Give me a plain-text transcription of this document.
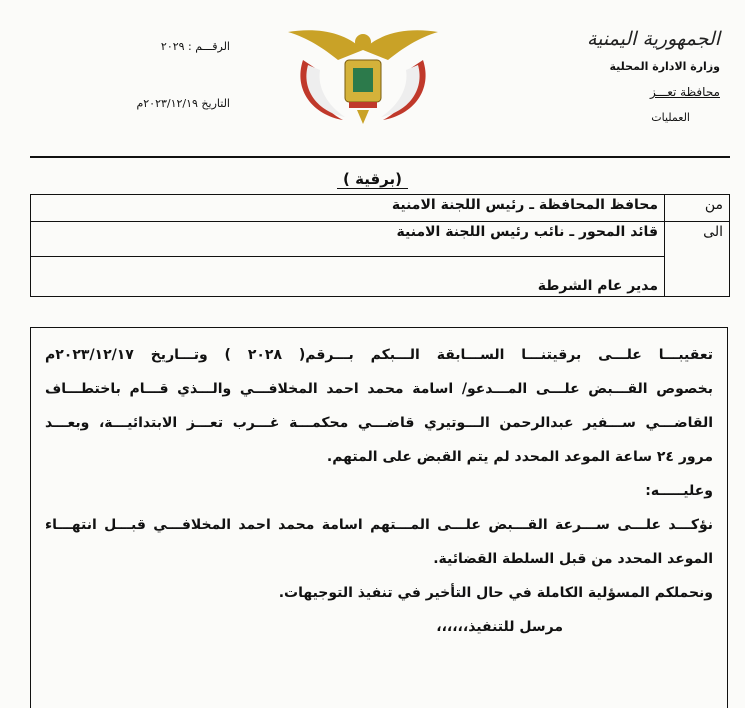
الجمهورية اليمنية
وزارة الادارة المحلية
محافظة تعـــز
العمليات
الرقـــم : ٢٠٢٩
التاريخ ٢٠٢٣/١٢/١٩م
(برقية )
من	محافظ المحافظة ـ رئيس اللجنة الامنية
الى	قائد المحور ـ نائب رئيس اللجنة الامنية
	مدير عام الشرطة

تعقيبـــا علـــى برقيتنـــا الســـابقة الـــبكم بـــرقم( ٢٠٢٨ ) وتـــاريخ ٢٠٢٣/١٢/١٧م

بخصوص القـــبض علـــى المـــدعو/ اسامة محمد احمد المخلافـــي والـــذي قـــام باختطـــاف

القاضـــي ســـفير عبدالرحمن الـــوتيري قاضـــي محكمـــة غـــرب تعـــز الابتدائيـــة، وبعـــد

مرور ٢٤ ساعة الموعد المحدد لم يتم القبض على المتهم.

وعليـــــه:

نؤكـــد علـــى ســـرعة القـــبض علـــى المـــتهم اسامة محمد احمد المخلافـــي قبـــل انتهـــاء

الموعد المحدد من قبل السلطة القضائية.

ونحملكم المسؤلية الكاملة في حال التأخير في تنفيذ التوجيهات.

مرسل للتنفيذ،،،،،،
